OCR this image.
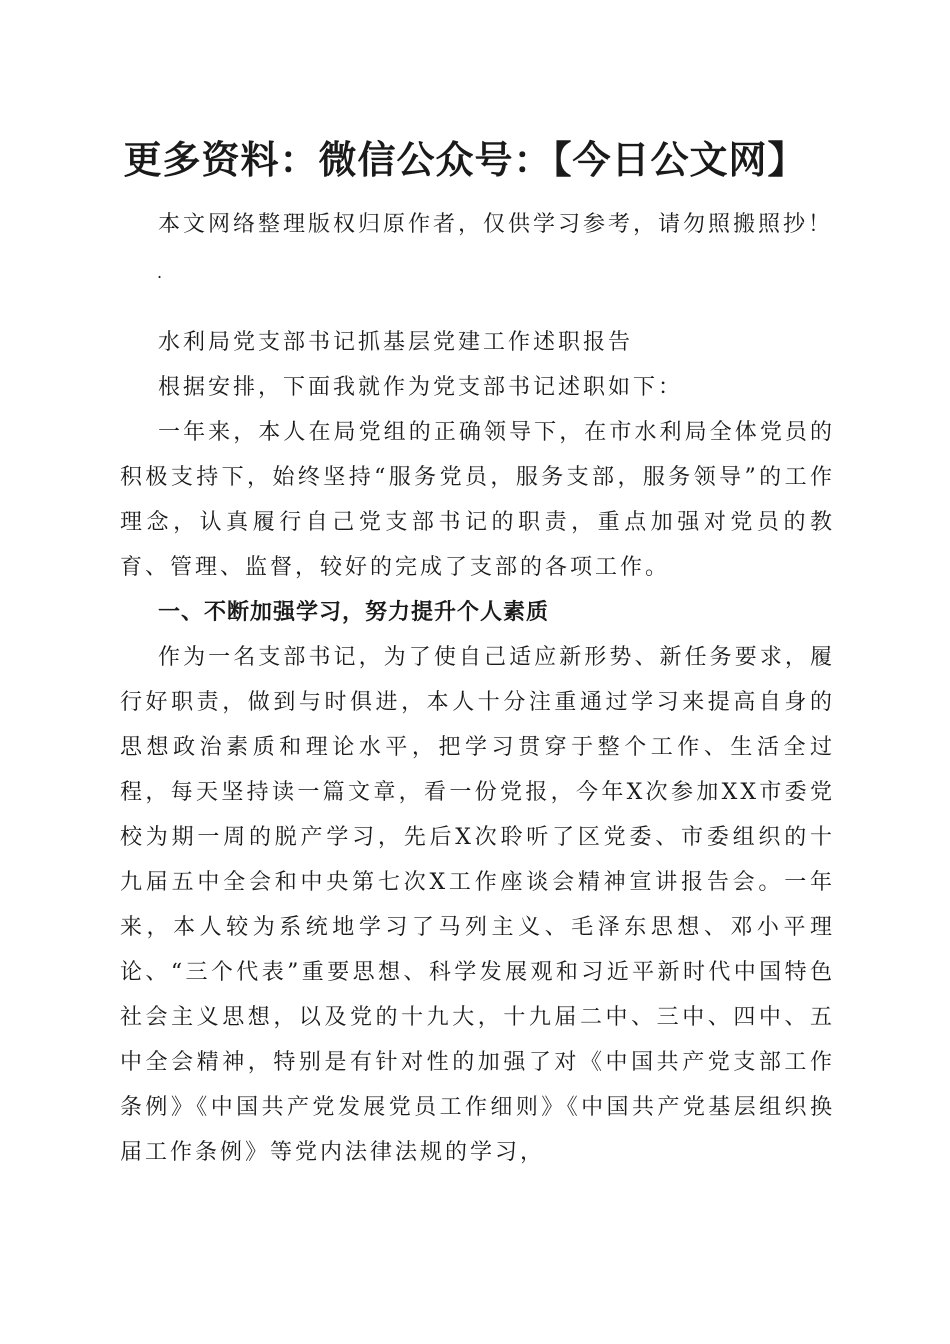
更多资料：微信公众号：【今日公文网】

本文网络整理版权归原作者，仅供学习参考，请勿照搬照抄！

.

水利局党支部书记抓基层党建工作述职报告

根据安排，下面我就作为党支部书记述职如下：

一年来，本人在局党组的正确领导下，在市水利局全体党员的积极支持下，始终坚持“服务党员，服务支部，服务领导”的工作理念，认真履行自己党支部书记的职责，重点加强对党员的教育、管理、监督，较好的完成了支部的各项工作。

一、不断加强学习，努力提升个人素质

作为一名支部书记，为了使自己适应新形势、新任务要求，履行好职责，做到与时俱进，本人十分注重通过学习来提高自身的思想政治素质和理论水平，把学习贯穿于整个工作、生活全过程，每天坚持读一篇文章，看一份党报，今年X次参加XX市委党校为期一周的脱产学习，先后X次聆听了区党委、市委组织的十九届五中全会和中央第七次X工作座谈会精神宣讲报告会。一年来，本人较为系统地学习了马列主义、毛泽东思想、邓小平理论、“三个代表”重要思想、科学发展观和习近平新时代中国特色社会主义思想，以及党的十九大，十九届二中、三中、四中、五中全会精神，特别是有针对性的加强了对《中国共产党支部工作条例》《中国共产党发展党员工作细则》《中国共产党基层组织换届工作条例》等党内法律法规的学习，
